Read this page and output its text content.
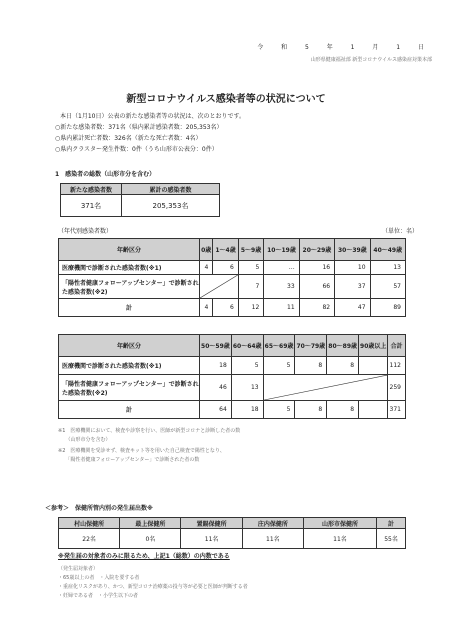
令 和 5 年 1 月 1 日
山形県健康福祉部 新型コロナウイルス感染症対策本部
新型コロナウイルス感染者等の状況について
本日（1月10日）公表の新たな感染者等の状況は、次のとおりです。
○新たな感染者数：371名（県内累計感染者数：205,353名）
○県内累計死亡者数：326名（新たな死亡者数：4名）
○県内クラスター発生件数：0件（うち山形市公表分：0件）
1　感染者の総数（山形市分を含む）
新たな感染者数	累計の感染者数
371名	205,353名
（年代別感染者数）	（単位：名）
年齢区分	0歳	1～4歳	5～9歳	10～19歳	20～29歳	30～39歳	40～49歳
医療機関で診断された感染者数(※1)	4	6	5	…	16	10	13
「陽性者健康フォローアップセンター」で診断された感染者数(※2)			7	33	66	37	57
計	4	6	12	11	82	47	89
年齢区分	50～59歳	60～64歳	65～69歳	70～79歳	80～89歳	90歳以上	合計
医療機関で診断された感染者数(※1)	18	5	5	8	8		112
「陽性者健康フォローアップセンター」で診断された感染者数(※2)	46	13					259
計	64	18	5	8	8		371
※1　医療機関において、検査や診察を行い、医師が新型コロナと診断した者の数
　　（山形市分を含む）
※2　医療機関を受診せず、検査キット等を用いた自己検査で陽性となり、
　　「陽性者健康フォローアップセンター」で診断された者の数
＜参考＞　保健所管内別の発生届出数※
村山保健所	最上保健所	置賜保健所	庄内保健所	山形市保健所	計
22名	0名	11名	11名	11名	55名
※発生届の対象者のみに限るため、上記1（総数）の内数である
（発生届対象者）
・65歳以上の者　・入院を要する者
・重症化リスクがあり、かつ、新型コロナ治療薬の投与等が必要と医師が判断する者
・妊婦である者　・小学生以下の者
